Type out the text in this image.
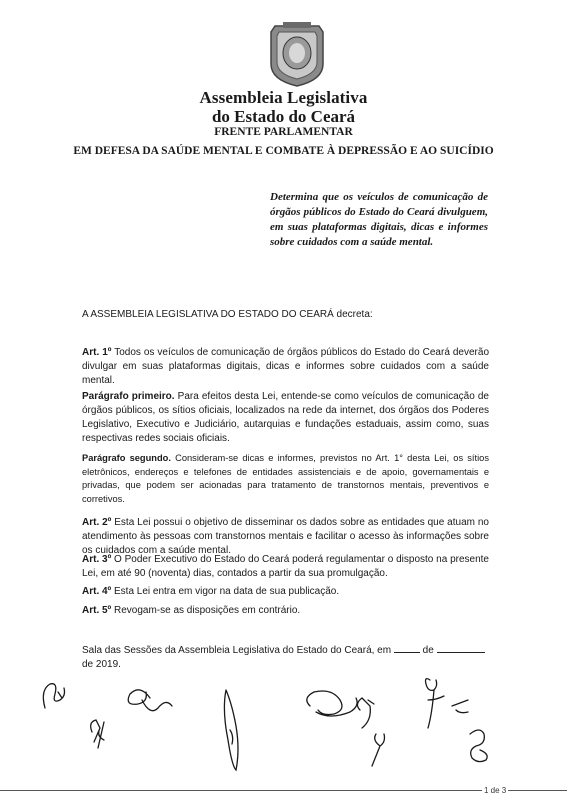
Assembleia Legislativa
do Estado do Ceará
FRENTE PARLAMENTAR
EM DEFESA DA SAÚDE MENTAL E COMBATE À DEPRESSÃO E AO SUICÍDIO
Determina que os veículos de comunicação de órgãos públicos do Estado do Ceará divulguem, em suas plataformas digitais, dicas e informes sobre cuidados com a saúde mental.
A ASSEMBLEIA LEGISLATIVA DO ESTADO DO CEARÁ decreta:
Art. 1º Todos os veículos de comunicação de órgãos públicos do Estado do Ceará deverão divulgar em suas plataformas digitais, dicas e informes sobre cuidados com a saúde mental.
Parágrafo primeiro. Para efeitos desta Lei, entende-se como veículos de comunicação de órgãos públicos, os sítios oficiais, localizados na rede da internet, dos órgãos dos Poderes Legislativo, Executivo e Judiciário, autarquias e fundações estaduais, assim como, suas respectivas redes sociais oficiais.
Parágrafo segundo. Consideram-se dicas e informes, previstos no Art. 1° desta Lei, os sítios eletrônicos, endereços e telefones de entidades assistenciais e de apoio, governamentais e privadas, que podem ser acionadas para tratamento de transtornos mentais, preventivos e corretivos.
Art. 2º Esta Lei possui o objetivo de disseminar os dados sobre as entidades que atuam no atendimento às pessoas com transtornos mentais e facilitar o acesso às informações sobre os cuidados com a saúde mental.
Art. 3º O Poder Executivo do Estado do Ceará poderá regulamentar o disposto na presente Lei, em até 90 (noventa) dias, contados a partir da sua promulgação.
Art. 4º Esta Lei entra em vigor na data de sua publicação.
Art. 5º Revogam-se as disposições em contrário.
Sala das Sessões da Assembleia Legislativa do Estado do Ceará, em	de
de 2019.
1 de 3
